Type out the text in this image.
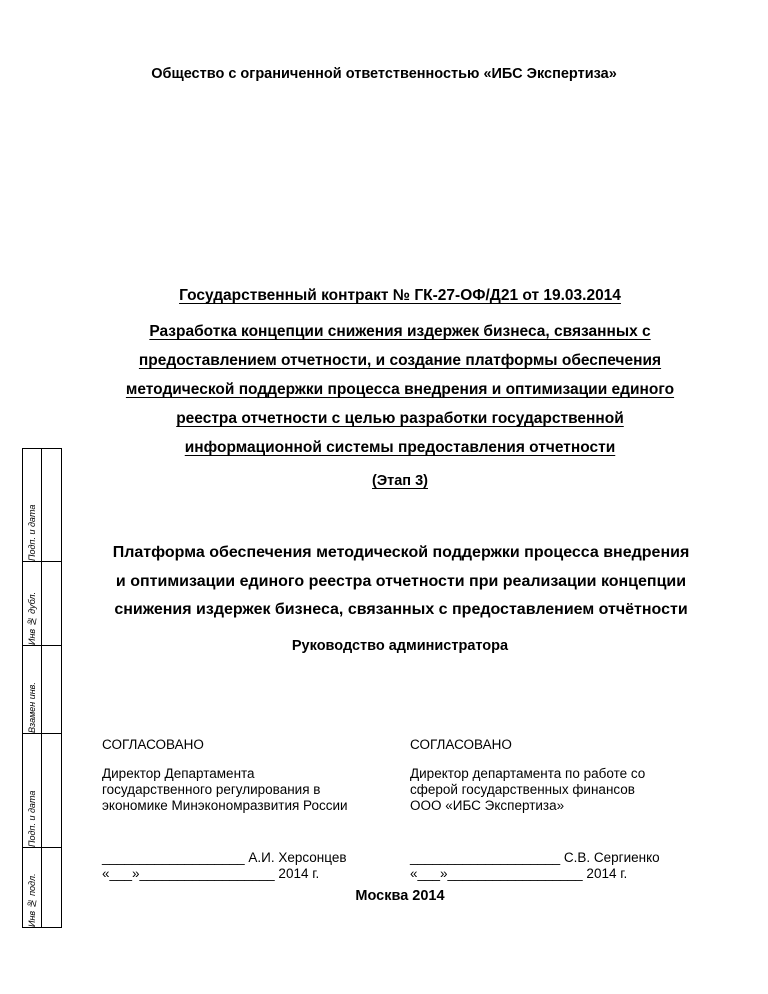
Общество с ограниченной ответственностью «ИБС Экспертиза»
Государственный контракт № ГК-27-ОФ/Д21 от 19.03.2014
Разработка концепции снижения издержек бизнеса, связанных с
предоставлением отчетности, и создание платформы обеспечения
методической поддержки процесса внедрения и оптимизации единого
реестра отчетности с целью разработки государственной
информационной системы предоставления отчетности
(Этап 3)
Платформа обеспечения методической поддержки процесса внедрения
и оптимизации единого реестра отчетности при реализации концепции
снижения издержек бизнеса, связанных с предоставлением отчётности
Руководство администратора
СОГЛАСОВАНО
Директор Департамента
государственного регулирования в
экономике Минэкономразвития России
___________________ А.И. Херсонцев
«___»__________________ 2014 г.
СОГЛАСОВАНО
Директор департамента по работе со
сферой государственных финансов
ООО «ИБС Экспертиза»
____________________ С.В. Сергиенко
«___»__________________ 2014 г.
Москва 2014
Подп. и дата
Инв № дубл.
Взамен инв.
Подп. и дата
Инв № подл.
